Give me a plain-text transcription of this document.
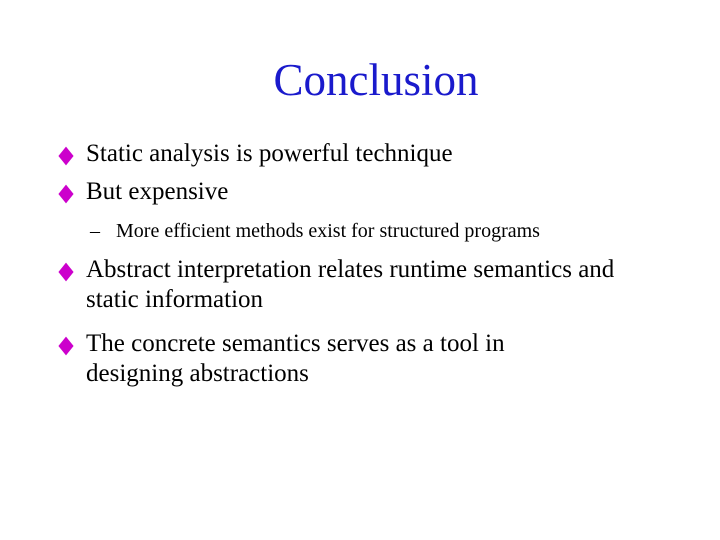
Conclusion
Static analysis is powerful technique
But expensive
– More efficient methods exist for structured programs
Abstract interpretation relates runtime semantics and static information
The concrete semantics serves as a tool in designing abstractions
